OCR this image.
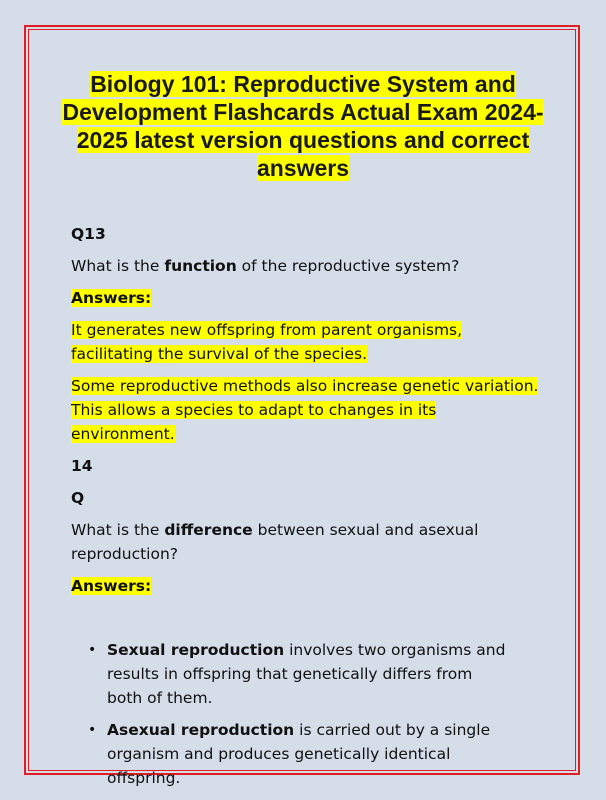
Biology 101: Reproductive System and Development Flashcards Actual Exam 2024-2025 latest version questions and correct answers

Q13

What is the function of the reproductive system?

Answers:

It generates new offspring from parent organisms, facilitating the survival of the species.

Some reproductive methods also increase genetic variation. This allows a species to adapt to changes in its environment.

14

Q

What is the difference between sexual and asexual reproduction?

Answers:

• Sexual reproduction involves two organisms and results in offspring that genetically differs from both of them.
• Asexual reproduction is carried out by a single organism and produces genetically identical offspring.
